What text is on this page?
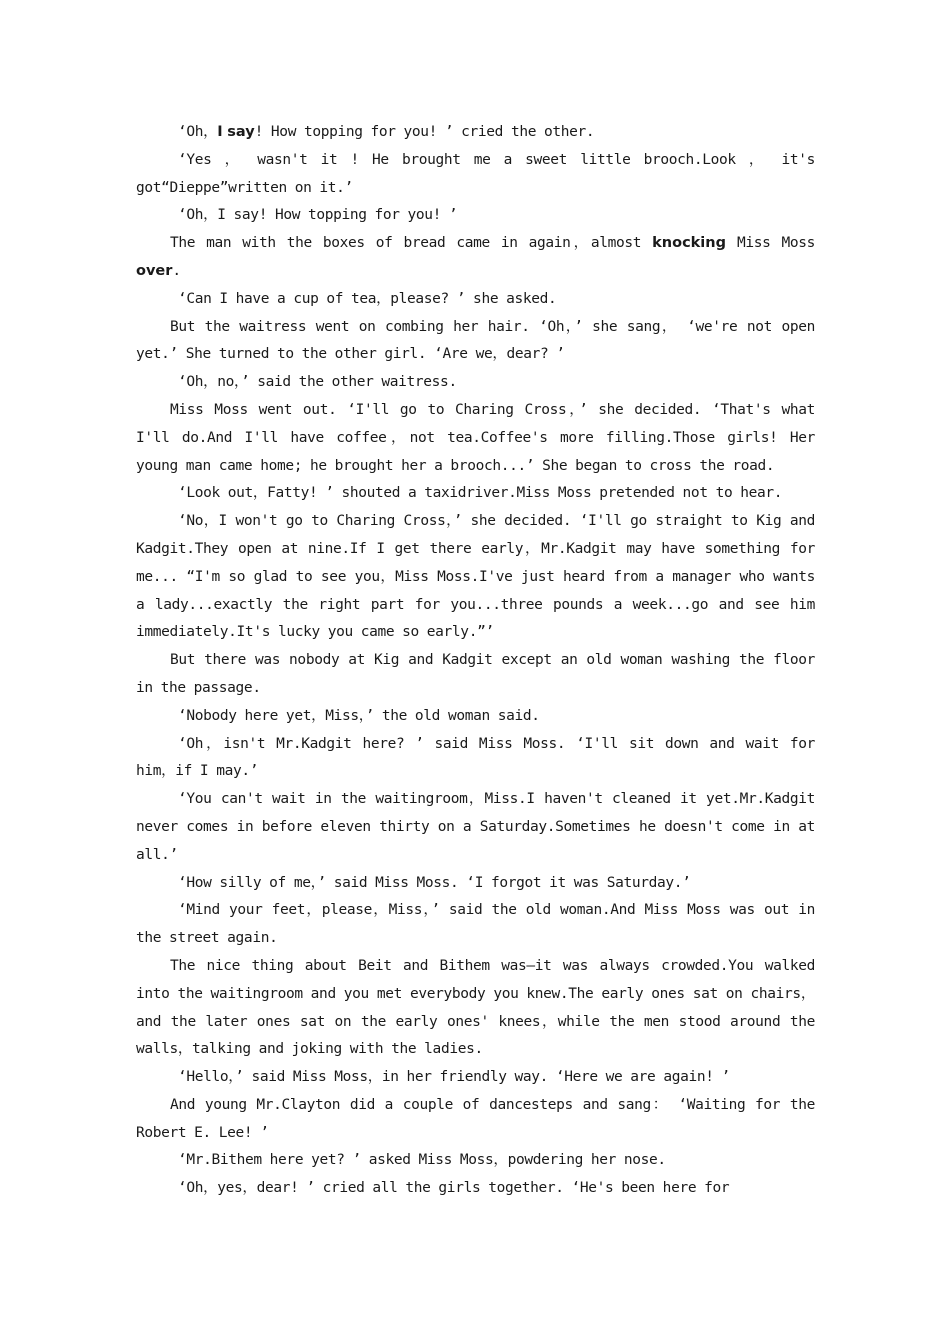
‘Oh，I say! How topping for you! ’ cried the other.

‘Yes ， wasn't it ! He brought me a sweet little brooch.Look ， it's got“Dieppe”written on it.’

‘Oh，I say! How topping for you! ’

The man with the boxes of bread came in again，almost knocking Miss Moss over.

‘Can I have a cup of tea，please? ’ she asked.

But the waitress went on combing her hair. ‘Oh，’ she sang， ‘we're not open yet.’ She turned to the other girl. ‘Are we，dear? ’

‘Oh，no，’ said the other waitress.

Miss Moss went out. ‘I'll go to Charing Cross，’ she decided. ‘That's what I'll do.And I'll have coffee，not tea.Coffee's more filling.Those girls! Her young man came home; he brought her a brooch...’ She began to cross the road.

‘Look out，Fatty! ’ shouted a taxidriver.Miss Moss pretended not to hear.

‘No，I won't go to Charing Cross，’ she decided. ‘I'll go straight to Kig and Kadgit.They open at nine.If I get there early，Mr.Kadgit may have something for me... “I'm so glad to see you，Miss Moss.I've just heard from a manager who wants a lady...exactly the right part for you...three pounds a week...go and see him immediately.It's lucky you came so early.”’

But there was nobody at Kig and Kadgit except an old woman washing the floor in the passage.

‘Nobody here yet，Miss，’ the old woman said.

‘Oh，isn't Mr.Kadgit here? ’ said Miss Moss. ‘I'll sit down and wait for him，if I may.’

‘You can't wait in the waitingroom，Miss.I haven't cleaned it yet.Mr.Kadgit never comes in before eleven thirty on a Saturday.Sometimes he doesn't come in at all.’

‘How silly of me，’ said Miss Moss. ‘I forgot it was Saturday.’

‘Mind your feet，please，Miss，’ said the old woman.And Miss Moss was out in the street again.

The nice thing about Beit and Bithem was—it was always crowded.You walked into the waitingroom and you met everybody you knew.The early ones sat on chairs，and the later ones sat on the early ones' knees，while the men stood around the walls，talking and joking with the ladies.

‘Hello，’ said Miss Moss，in her friendly way. ‘Here we are again! ’

And young Mr.Clayton did a couple of dancesteps and sang： ‘Waiting for the Robert E. Lee! ’

‘Mr.Bithem here yet? ’ asked Miss Moss，powdering her nose.

‘Oh，yes，dear! ’ cried all the girls together. ‘He's been here for
